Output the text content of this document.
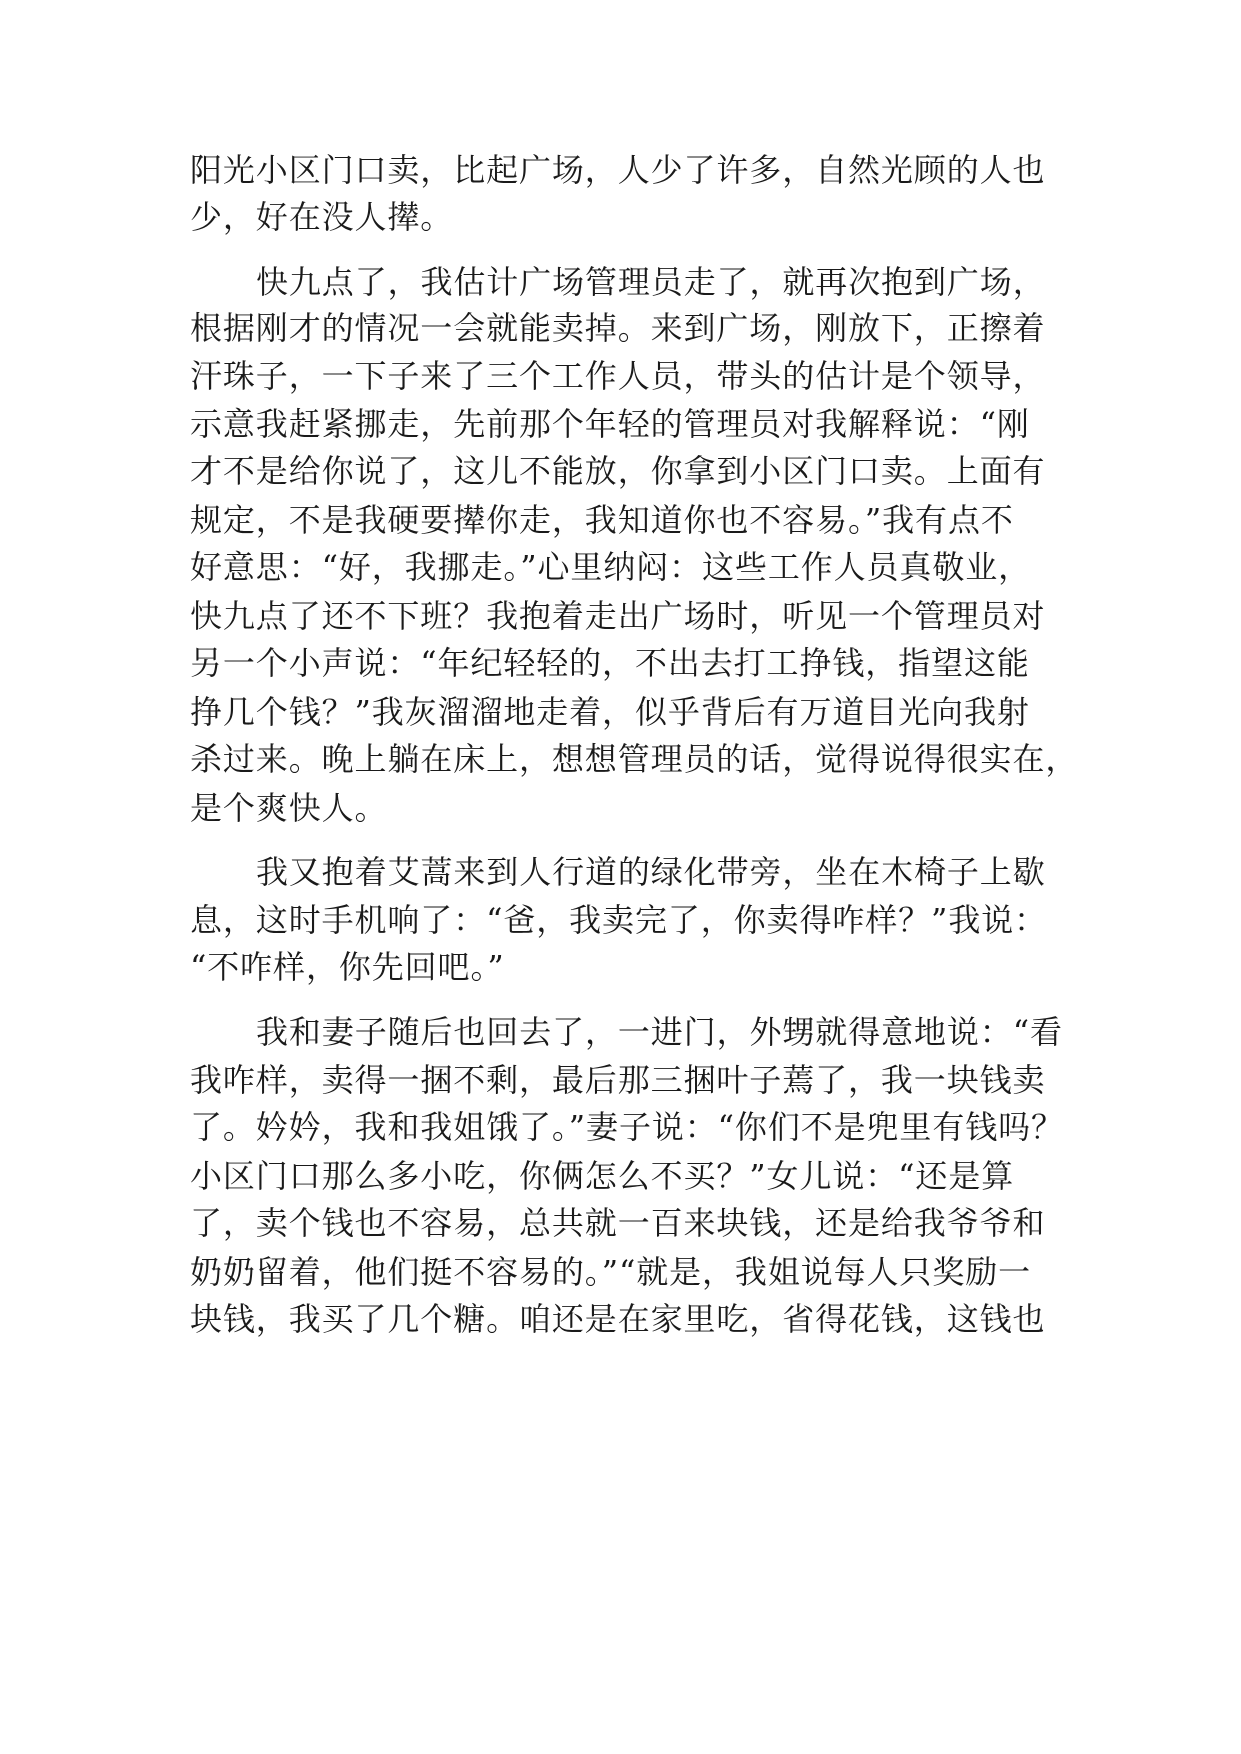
阳光小区门口卖，比起广场，人少了许多，自然光顾的人也
少，好在没人撵。
快九点了，我估计广场管理员走了，就再次抱到广场，
根据刚才的情况一会就能卖掉。来到广场，刚放下，正擦着
汗珠子，一下子来了三个工作人员，带头的估计是个领导，
示意我赶紧挪走，先前那个年轻的管理员对我解释说：“刚
才不是给你说了，这儿不能放，你拿到小区门口卖。上面有
规定，不是我硬要撵你走，我知道你也不容易。”我有点不
好意思：“好，我挪走。”心里纳闷：这些工作人员真敬业，
快九点了还不下班？我抱着走出广场时，听见一个管理员对
另一个小声说：“年纪轻轻的，不出去打工挣钱，指望这能
挣几个钱？”我灰溜溜地走着，似乎背后有万道目光向我射
杀过来。晚上躺在床上，想想管理员的话，觉得说得很实在，
是个爽快人。
我又抱着艾蒿来到人行道的绿化带旁，坐在木椅子上歇
息，这时手机响了：“爸，我卖完了，你卖得咋样？”我说：
“不咋样，你先回吧。”
我和妻子随后也回去了，一进门，外甥就得意地说：“看
我咋样，卖得一捆不剩，最后那三捆叶子蔫了，我一块钱卖
了。妗妗，我和我姐饿了。”妻子说：“你们不是兜里有钱吗？
小区门口那么多小吃，你俩怎么不买？”女儿说：“还是算
了，卖个钱也不容易，总共就一百来块钱，还是给我爷爷和
奶奶留着，他们挺不容易的。”“就是，我姐说每人只奖励一
块钱，我买了几个糖。咱还是在家里吃，省得花钱，这钱也
